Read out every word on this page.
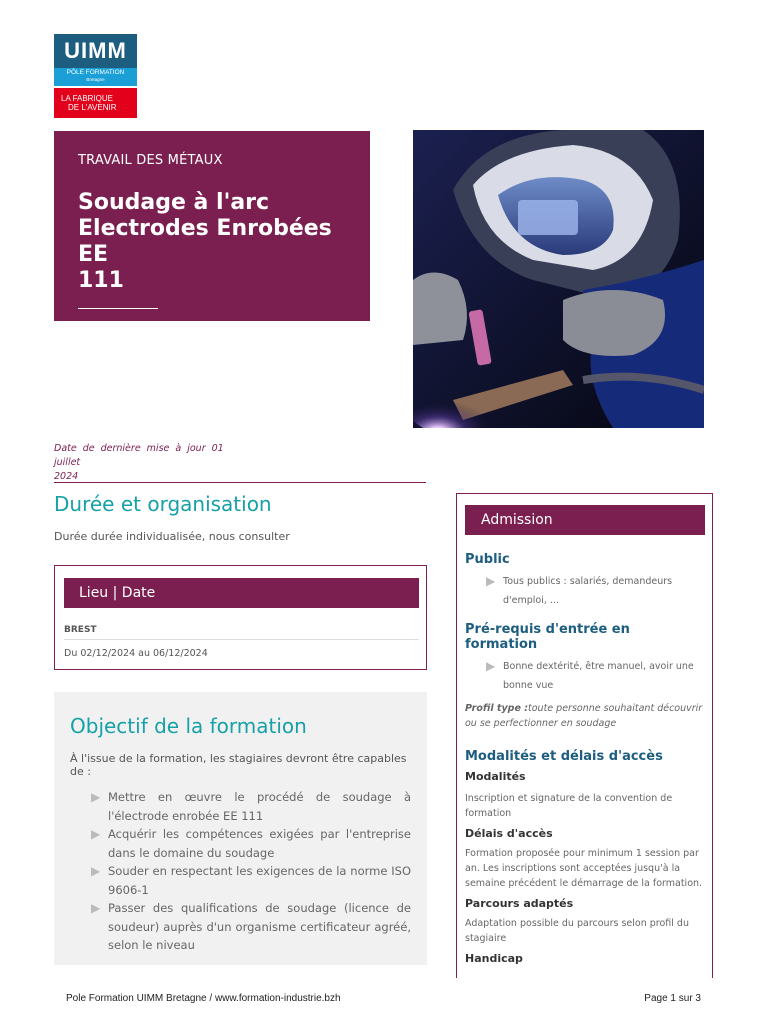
UIMM
PÔLE FORMATION
Bretagne
LA FABRIQUE
DE L'AVENIR
TRAVAIL DES MÉTAUX
Soudage à l'arc
Electrodes Enrobées EE
111
Date de dernière mise à jour 01 juillet
2024
Durée et organisation
Durée durée individualisée, nous consulter
Lieu | Date
BREST
Du 02/12/2024 au 06/12/2024
Objectif de la formation
À l'issue de la formation, les stagiaires devront être capables de :
▶ Mettre en œuvre le procédé de soudage à l'électrode enrobée EE 111
▶ Acquérir les compétences exigées par l'entreprise dans le domaine du soudage
▶ Souder en respectant les exigences de la norme ISO 9606-1
▶ Passer des qualifications de soudage (licence de soudeur) auprès d'un organisme certificateur agréé, selon le niveau
Admission
Public
▶ Tous publics : salariés, demandeurs d'emploi, ...
Pré-requis d'entrée en formation
▶ Bonne dextérité, être manuel, avoir une bonne vue
Profil type :toute personne souhaitant découvrir ou se perfectionner en soudage
Modalités et délais d'accès
Modalités
Inscription et signature de la convention de formation
Délais d'accès
Formation proposée pour minimum 1 session par an. Les inscriptions sont acceptées jusqu'à la semaine précédent le démarrage de la formation.
Parcours adaptés
Adaptation possible du parcours selon profil du stagiaire
Handicap
Pole Formation UIMM Bretagne / www.formation-industrie.bzh	Page 1 sur 3
